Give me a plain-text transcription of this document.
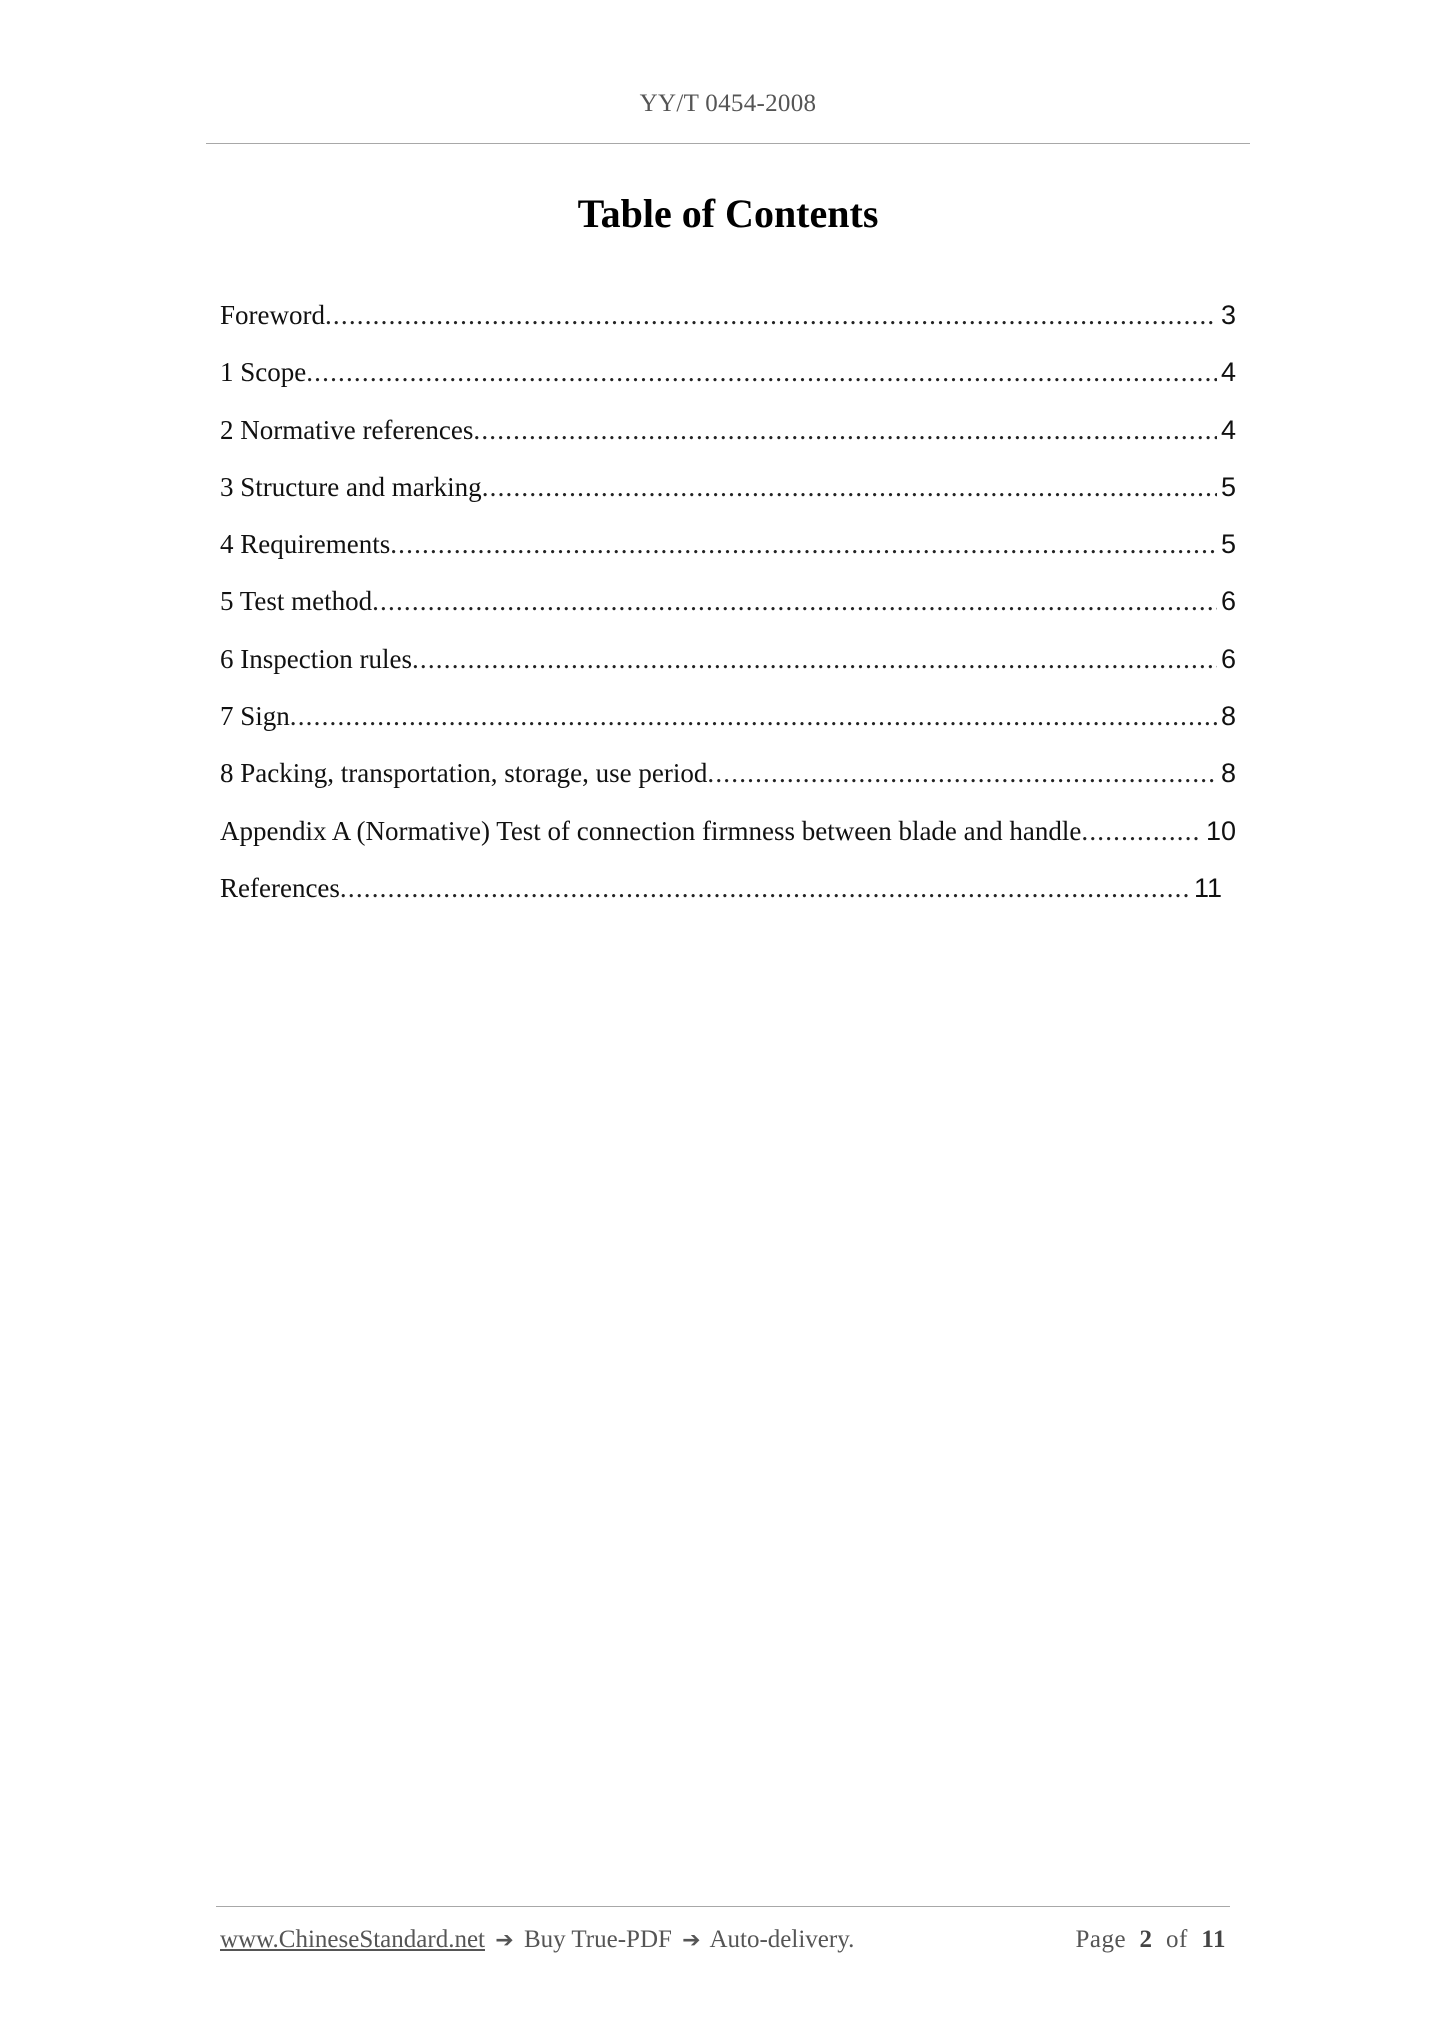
YY/T 0454-2008
Table of Contents
Foreword .....	3
1 Scope .....	4
2 Normative references .....	4
3 Structure and marking .....	5
4 Requirements .....	5
5 Test method .....	6
6 Inspection rules .....	6
7 Sign .....	8
8 Packing, transportation, storage, use period .....	8
Appendix A (Normative) Test of connection firmness between blade and handle .....	10
References .....	11
www.ChineseStandard.net ➔ Buy True-PDF ➔ Auto-delivery.	Page 2 of 11
